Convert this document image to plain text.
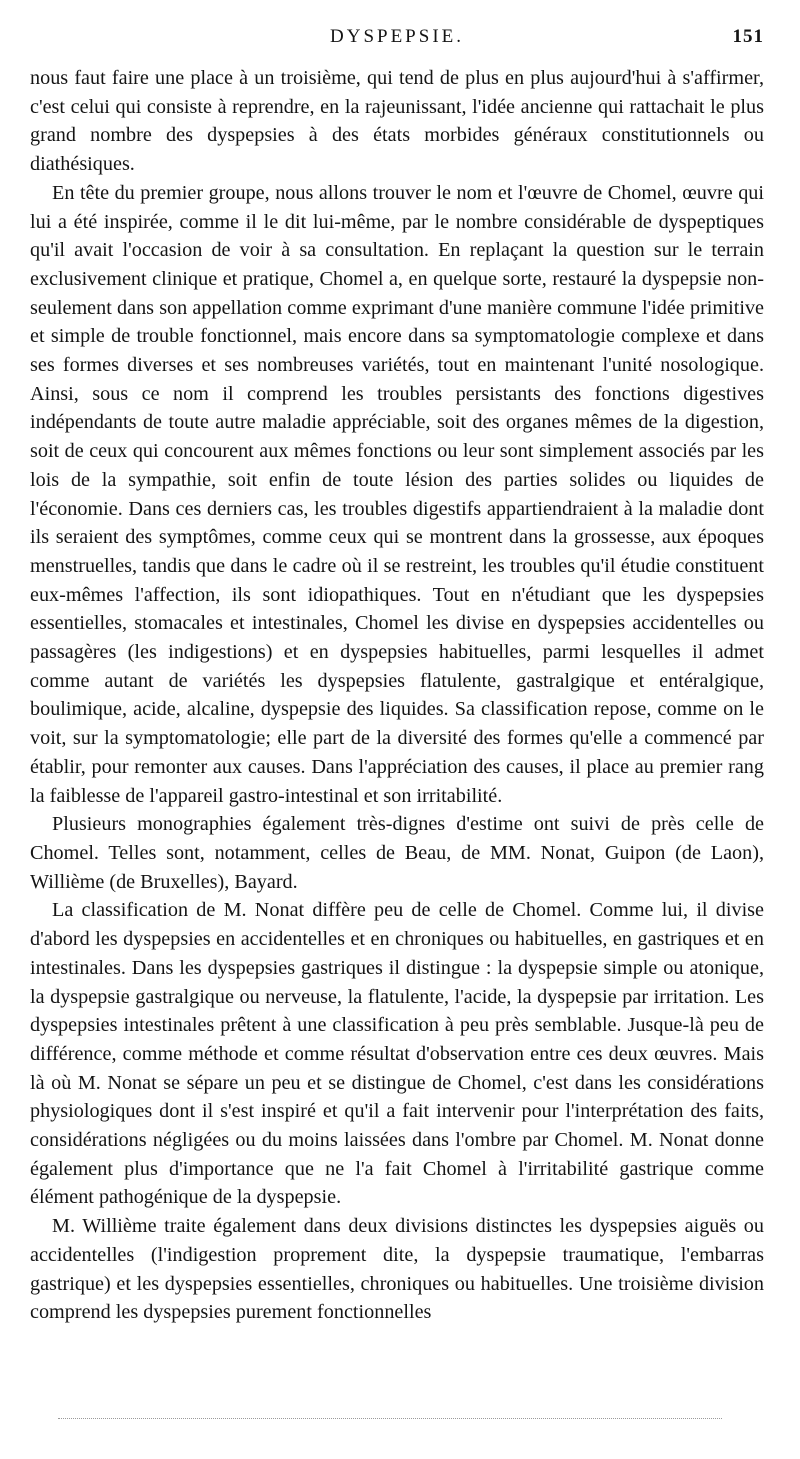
DYSPEPSIE.	151

nous faut faire une place à un troisième, qui tend de plus en plus aujourd'hui à s'affirmer, c'est celui qui consiste à reprendre, en la rajeunissant, l'idée ancienne qui rattachait le plus grand nombre des dyspepsies à des états morbides généraux constitutionnels ou diathésiques.

En tête du premier groupe, nous allons trouver le nom et l'œuvre de Chomel, œuvre qui lui a été inspirée, comme il le dit lui-même, par le nombre considérable de dyspeptiques qu'il avait l'occasion de voir à sa consultation. En replaçant la question sur le terrain exclusivement clinique et pratique, Chomel a, en quelque sorte, restauré la dyspepsie non-seulement dans son appellation comme exprimant d'une manière commune l'idée primitive et simple de trouble fonctionnel, mais encore dans sa symptomatologie complexe et dans ses formes diverses et ses nombreuses variétés, tout en maintenant l'unité nosologique. Ainsi, sous ce nom il comprend les troubles persistants des fonctions digestives indépendants de toute autre maladie appréciable, soit des organes mêmes de la digestion, soit de ceux qui concourent aux mêmes fonctions ou leur sont simplement associés par les lois de la sympathie, soit enfin de toute lésion des parties solides ou liquides de l'économie. Dans ces derniers cas, les troubles digestifs appartiendraient à la maladie dont ils seraient des symptômes, comme ceux qui se montrent dans la grossesse, aux époques menstruelles, tandis que dans le cadre où il se restreint, les troubles qu'il étudie constituent eux-mêmes l'affection, ils sont idiopathiques. Tout en n'étudiant que les dyspepsies essentielles, stomacales et intestinales, Chomel les divise en dyspepsies accidentelles ou passagères (les indigestions) et en dyspepsies habituelles, parmi lesquelles il admet comme autant de variétés les dyspepsies flatulente, gastralgique et entéralgique, boulimique, acide, alcaline, dyspepsie des liquides. Sa classification repose, comme on le voit, sur la symptomatologie; elle part de la diversité des formes qu'elle a commencé par établir, pour remonter aux causes. Dans l'appréciation des causes, il place au premier rang la faiblesse de l'appareil gastro-intestinal et son irritabilité.

Plusieurs monographies également très-dignes d'estime ont suivi de près celle de Chomel. Telles sont, notamment, celles de Beau, de MM. Nonat, Guipon (de Laon), Willième (de Bruxelles), Bayard.

La classification de M. Nonat diffère peu de celle de Chomel. Comme lui, il divise d'abord les dyspepsies en accidentelles et en chroniques ou habituelles, en gastriques et en intestinales. Dans les dyspepsies gastriques il distingue : la dyspepsie simple ou atonique, la dyspepsie gastralgique ou nerveuse, la flatulente, l'acide, la dyspepsie par irritation. Les dyspepsies intestinales prêtent à une classification à peu près semblable. Jusque-là peu de différence, comme méthode et comme résultat d'observation entre ces deux œuvres. Mais là où M. Nonat se sépare un peu et se distingue de Chomel, c'est dans les considérations physiologiques dont il s'est inspiré et qu'il a fait intervenir pour l'interprétation des faits, considérations négligées ou du moins laissées dans l'ombre par Chomel. M. Nonat donne également plus d'importance que ne l'a fait Chomel à l'irritabilité gastrique comme élément pathogénique de la dyspepsie.

M. Willième traite également dans deux divisions distinctes les dyspepsies aiguës ou accidentelles (l'indigestion proprement dite, la dyspepsie traumatique, l'embarras gastrique) et les dyspepsies essentielles, chroniques ou habituelles. Une troisième division comprend les dyspepsies purement fonctionnelles
